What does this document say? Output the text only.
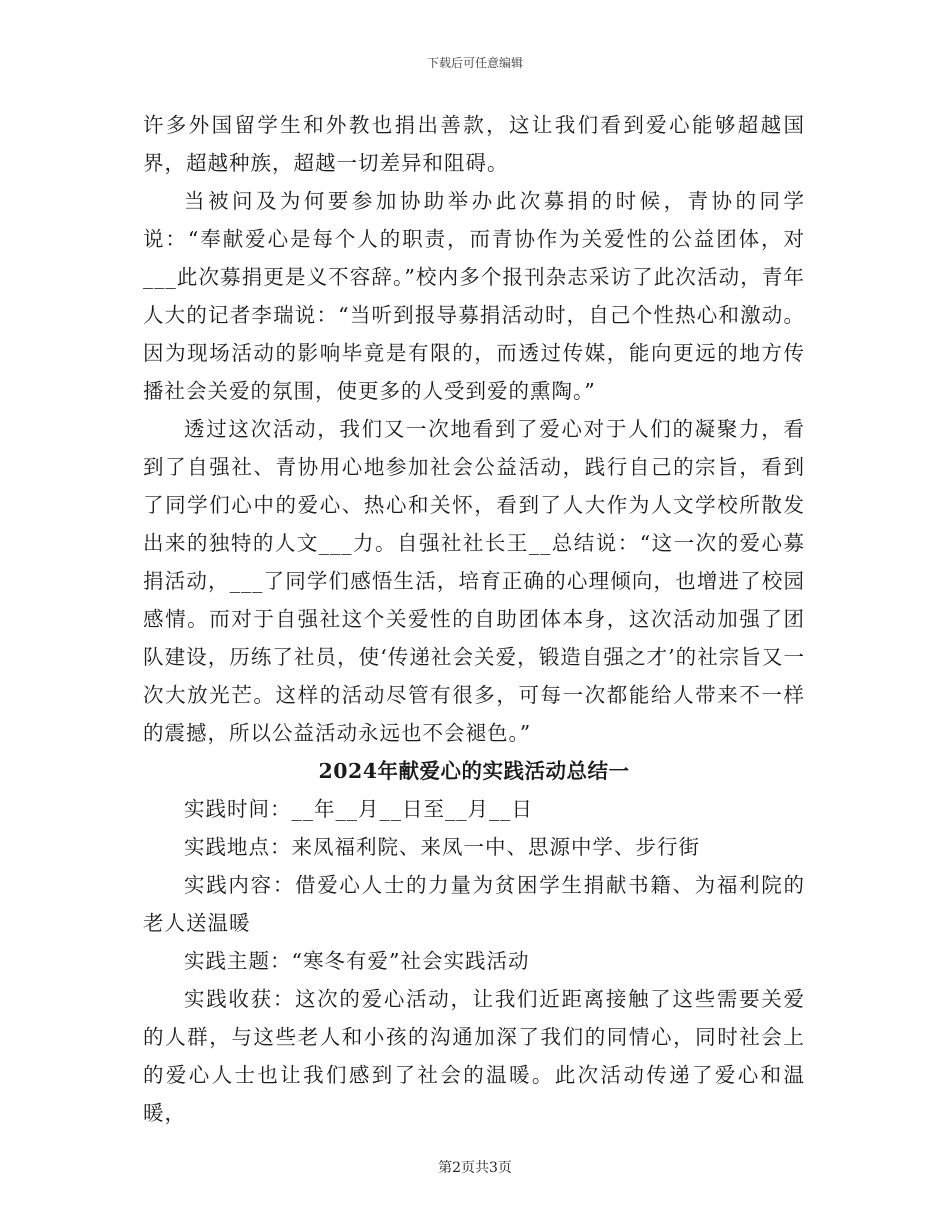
下载后可任意编辑

许多外国留学生和外教也捐出善款，这让我们看到爱心能够超越国界，超越种族，超越一切差异和阻碍。

当被问及为何要参加协助举办此次募捐的时候，青协的同学说：“奉献爱心是每个人的职责，而青协作为关爱性的公益团体，对___此次募捐更是义不容辞。”校内多个报刊杂志采访了此次活动，青年人大的记者李瑞说：“当听到报导募捐活动时，自己个性热心和激动。因为现场活动的影响毕竟是有限的，而透过传媒，能向更远的地方传播社会关爱的氛围，使更多的人受到爱的熏陶。”

透过这次活动，我们又一次地看到了爱心对于人们的凝聚力，看到了自强社、青协用心地参加社会公益活动，践行自己的宗旨，看到了同学们心中的爱心、热心和关怀，看到了人大作为人文学校所散发出来的独特的人文___力。自强社社长王__总结说：“这一次的爱心募捐活动，___了同学们感悟生活，培育正确的心理倾向，也增进了校园感情。而对于自强社这个关爱性的自助团体本身，这次活动加强了团队建设，历练了社员，使‘传递社会关爱，锻造自强之才’的社宗旨又一次大放光芒。这样的活动尽管有很多，可每一次都能给人带来不一样的震撼，所以公益活动永远也不会褪色。”

2024年献爱心的实践活动总结一

实践时间：__年__月__日至__月__日

实践地点：来凤福利院、来凤一中、思源中学、步行街

实践内容：借爱心人士的力量为贫困学生捐献书籍、为福利院的老人送温暖

实践主题：“寒冬有爱”社会实践活动

实践收获：这次的爱心活动，让我们近距离接触了这些需要关爱的人群，与这些老人和小孩的沟通加深了我们的同情心，同时社会上的爱心人士也让我们感到了社会的温暖。此次活动传递了爱心和温暖，

第2页共3页
